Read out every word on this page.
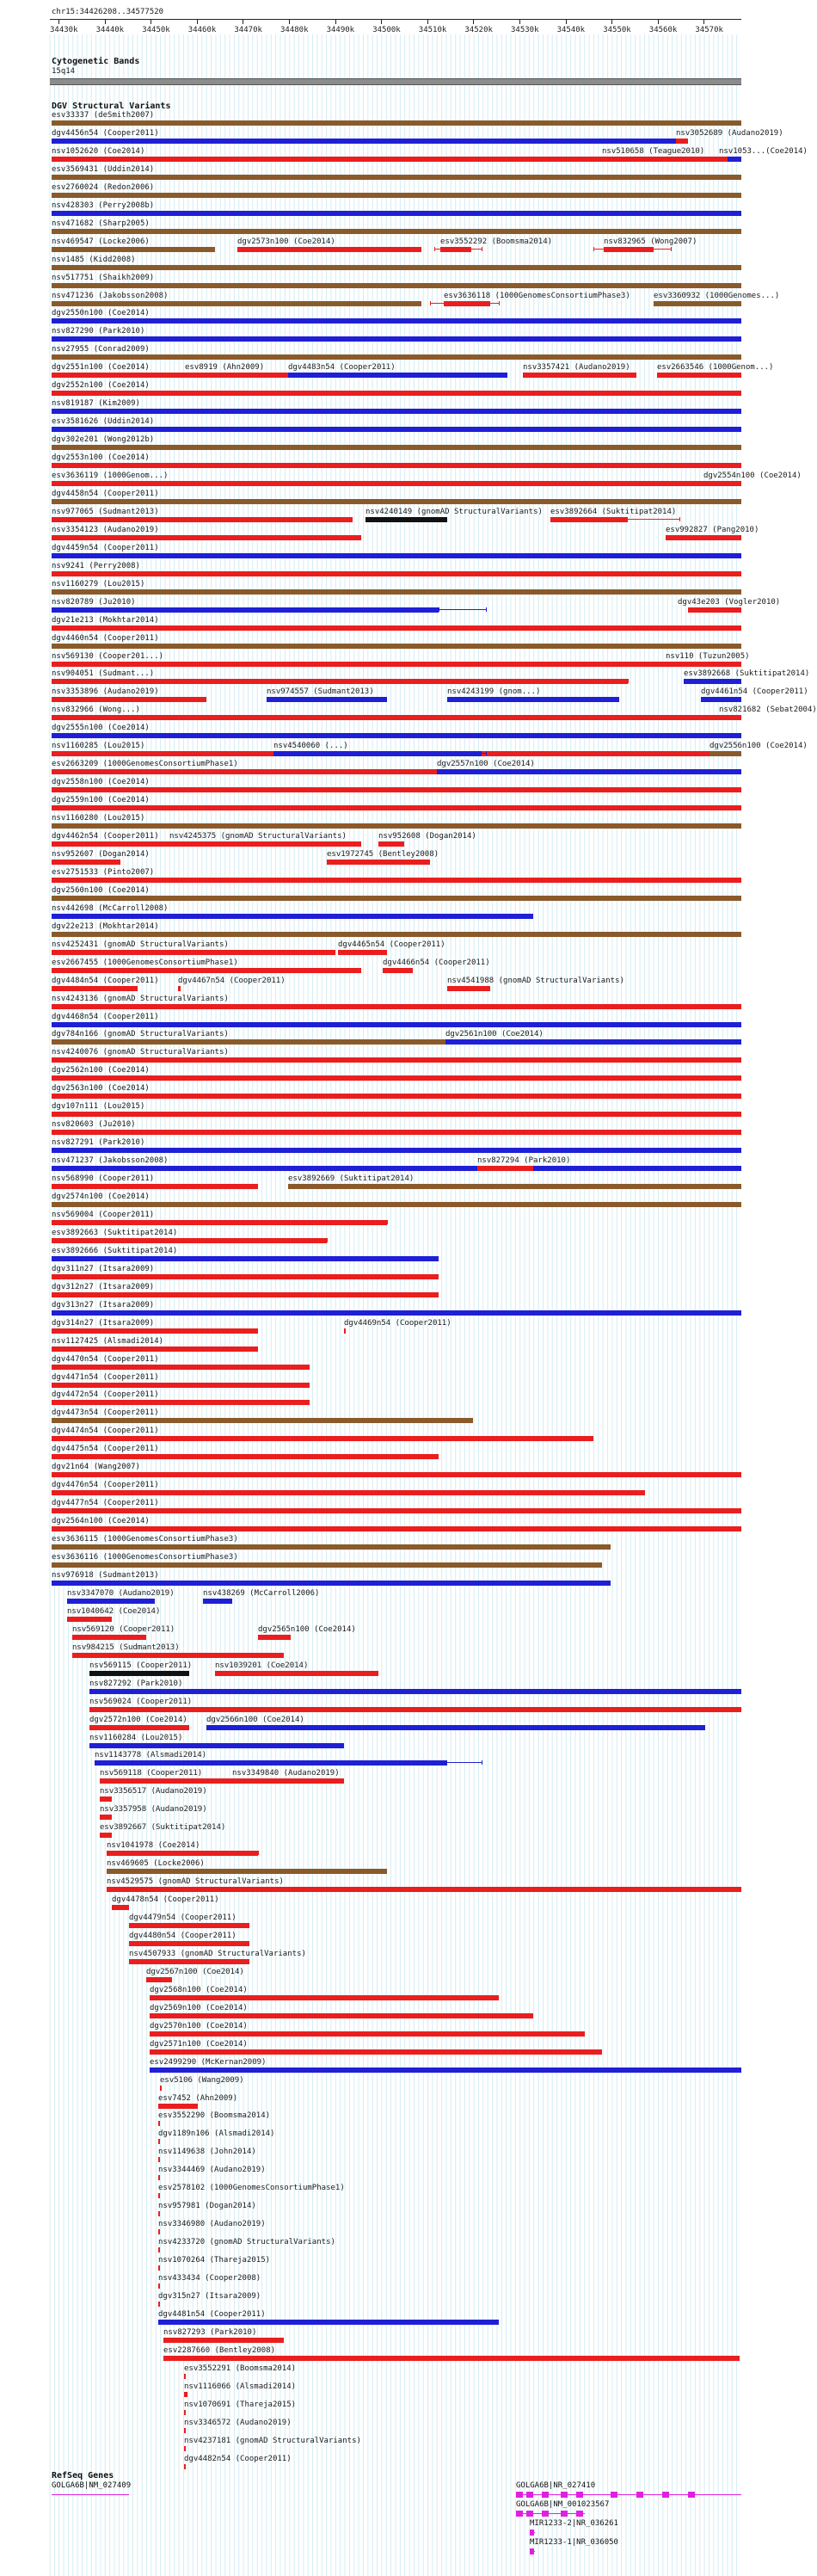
chr15:34426208..34577520
34430k 34440k 34450k 34460k 34470k 34480k 34490k 34500k 34510k 34520k 34530k 34540k 34550k 34560k 34570k
Cytogenetic Bands
15q14
DGV Structural Variants
esv33337 (deSmith2007)
dgv4456n54 (Cooper2011)	nsv3052689 (Audano2019)
nsv1052620 (Coe2014)	nsv510658 (Teague2010) nsv1053...(Coe2014)
esv3569431 (Uddin2014)
esv2760024 (Redon2006)
nsv428303 (Perry2008b)
nsv471682 (Sharp2005)
nsv469547 (Locke2006)	dgv2573n100 (Coe2014)	esv3552292 (Boomsma2014)	nsv832965 (Wong2007)
nsv1485 (Kidd2008)
nsv517751 (Shaikh2009)
nsv471236 (Jakobsson2008)	esv3636118 (1000GenomesConsortiumPhase3)	esv3360932 (1000Genomes...)
dgv2550n100 (Coe2014)
nsv827290 (Park2010)
nsv27955 (Conrad2009)
dgv2551n100 (Coe2014)	esv8919 (Ahn2009)	dgv4483n54 (Cooper2011)	nsv3357421 (Audano2019)	esv2663546 (1000Genom...)
dgv2552n100 (Coe2014)
nsv819187 (Kim2009)
esv3581626 (Uddin2014)
dgv302e201 (Wong2012b)
dgv2553n100 (Coe2014)
esv3636119 (1000Genom...)	dgv2554n100 (Coe2014)
dgv4458n54 (Cooper2011)
nsv977065 (Sudmant2013)	nsv4240149 (gnomAD StructuralVariants) esv3892664 (Suktitipat2014)
nsv3354123 (Audano2019)	esv992827 (Pang2010)
dgv4459n54 (Cooper2011)
nsv9241 (Perry2008)
nsv1160279 (Lou2015)
nsv820789 (Ju2010)	dgv43e203 (Vogler2010)
dgv21e213 (Mokhtar2014)
dgv4460n54 (Cooper2011)
nsv569130 (Cooper201...)	nsv110 (Tuzun2005)
nsv904051 (Sudmant...)	esv3892668 (Suktitipat2014)
nsv3353896 (Audano2019)	nsv974557 (Sudmant2013)	nsv4243199 (gnom...)	dgv4461n54 (Cooper2011)
nsv832966 (Wong...)	nsv821682 (Sebat2004)
dgv2555n100 (Coe2014)
nsv1160285 (Lou2015)	nsv4540060 (...)	dgv2556n100 (Coe2014)
esv2663209 (1000GenomesConsortiumPhase1)	dgv2557n100 (Coe2014)
dgv2558n100 (Coe2014)
dgv2559n100 (Coe2014)
nsv1160280 (Lou2015)
dgv4462n54 (Cooper2011) nsv4245375 (gnomAD StructuralVariants)	nsv952608 (Dogan2014)
nsv952607 (Dogan2014)	esv1972745 (Bentley2008)
esv2751533 (Pinto2007)
dgv2560n100 (Coe2014)
nsv442698 (McCarroll2008)
dgv22e213 (Mokhtar2014)
nsv4252431 (gnomAD StructuralVariants)	dgv4465n54 (Cooper2011)
esv2667455 (1000GenomesConsortiumPhase1)	dgv4466n54 (Cooper2011)
dgv4484n54 (Cooper2011) dgv4467n54 (Cooper2011)	nsv4541988 (gnomAD StructuralVariants)
nsv4243136 (gnomAD StructuralVariants)
dgv4468n54 (Cooper2011)
dgv784n166 (gnomAD StructuralVariants)	dgv2561n100 (Coe2014)
nsv4240076 (gnomAD StructuralVariants)
dgv2562n100 (Coe2014)
dgv2563n100 (Coe2014)
dgv107n111 (Lou2015)
nsv820603 (Ju2010)
nsv827291 (Park2010)
nsv471237 (Jakobsson2008)	nsv827294 (Park2010)
nsv568990 (Cooper2011)	esv3892669 (Suktitipat2014)
dgv2574n100 (Coe2014)
nsv569004 (Cooper2011)
esv3892663 (Suktitipat2014)
esv3892666 (Suktitipat2014)
dgv311n27 (Itsara2009)
dgv312n27 (Itsara2009)
dgv313n27 (Itsara2009)
dgv314n27 (Itsara2009)	dgv4469n54 (Cooper2011)
nsv1127425 (Alsmadi2014)
dgv4470n54 (Cooper2011)
dgv4471n54 (Cooper2011)
dgv4472n54 (Cooper2011)
dgv4473n54 (Cooper2011)
dgv4474n54 (Cooper2011)
dgv4475n54 (Cooper2011)
dgv21n64 (Wang2007)
dgv4476n54 (Cooper2011)
dgv4477n54 (Cooper2011)
dgv2564n100 (Coe2014)
esv3636115 (1000GenomesConsortiumPhase3)
esv3636116 (1000GenomesConsortiumPhase3)
nsv976918 (Sudmant2013)
nsv3347070 (Audano2019)	nsv438269 (McCarroll2006)
nsv1040642 (Coe2014)
nsv569120 (Cooper2011)	dgv2565n100 (Coe2014)
nsv984215 (Sudmant2013)
nsv569115 (Cooper2011)	nsv1039201 (Coe2014)
nsv827292 (Park2010)
nsv569024 (Cooper2011)
dgv2572n100 (Coe2014) dgv2566n100 (Coe2014)
nsv1160284 (Lou2015)
nsv1143778 (Alsmadi2014)
nsv569118 (Cooper2011)	nsv3349840 (Audano2019)
nsv3356517 (Audano2019)
nsv3357958 (Audano2019)
esv3892667 (Suktitipat2014)
nsv1041978 (Coe2014)
nsv469605 (Locke2006)
nsv4529575 (gnomAD StructuralVariants)
dgv4478n54 (Cooper2011)
dgv4479n54 (Cooper2011)
dgv4480n54 (Cooper2011)
nsv4507933 (gnomAD StructuralVariants)
dgv2567n100 (Coe2014)
dgv2568n100 (Coe2014)
dgv2569n100 (Coe2014)
dgv2570n100 (Coe2014)
dgv2571n100 (Coe2014)
esv2499290 (McKernan2009)
esv5106 (Wang2009)
esv7452 (Ahn2009)
esv3552290 (Boomsma2014)
dgv1189n106 (Alsmadi2014)
nsv1149638 (John2014)
nsv3344469 (Audano2019)
esv2578102 (1000GenomesConsortiumPhase1)
nsv957981 (Dogan2014)
nsv3346980 (Audano2019)
nsv4233720 (gnomAD StructuralVariants)
nsv1070264 (Thareja2015)
nsv433434 (Cooper2008)
dgv315n27 (Itsara2009)
dgv4481n54 (Cooper2011)
nsv827293 (Park2010)
esv2287660 (Bentley2008)
esv3552291 (Boomsma2014)
nsv1116066 (Alsmadi2014)
nsv1070691 (Thareja2015)
nsv3346572 (Audano2019)
nsv4237181 (gnomAD StructuralVariants)
dgv4482n54 (Cooper2011)
RefSeq Genes
GOLGA6B|NM_027409	GOLGA6B|NR_027410
GOLGA6B|NM_001023567
MIR1233-2|NR_036261
MIR1233-1|NR_036050
